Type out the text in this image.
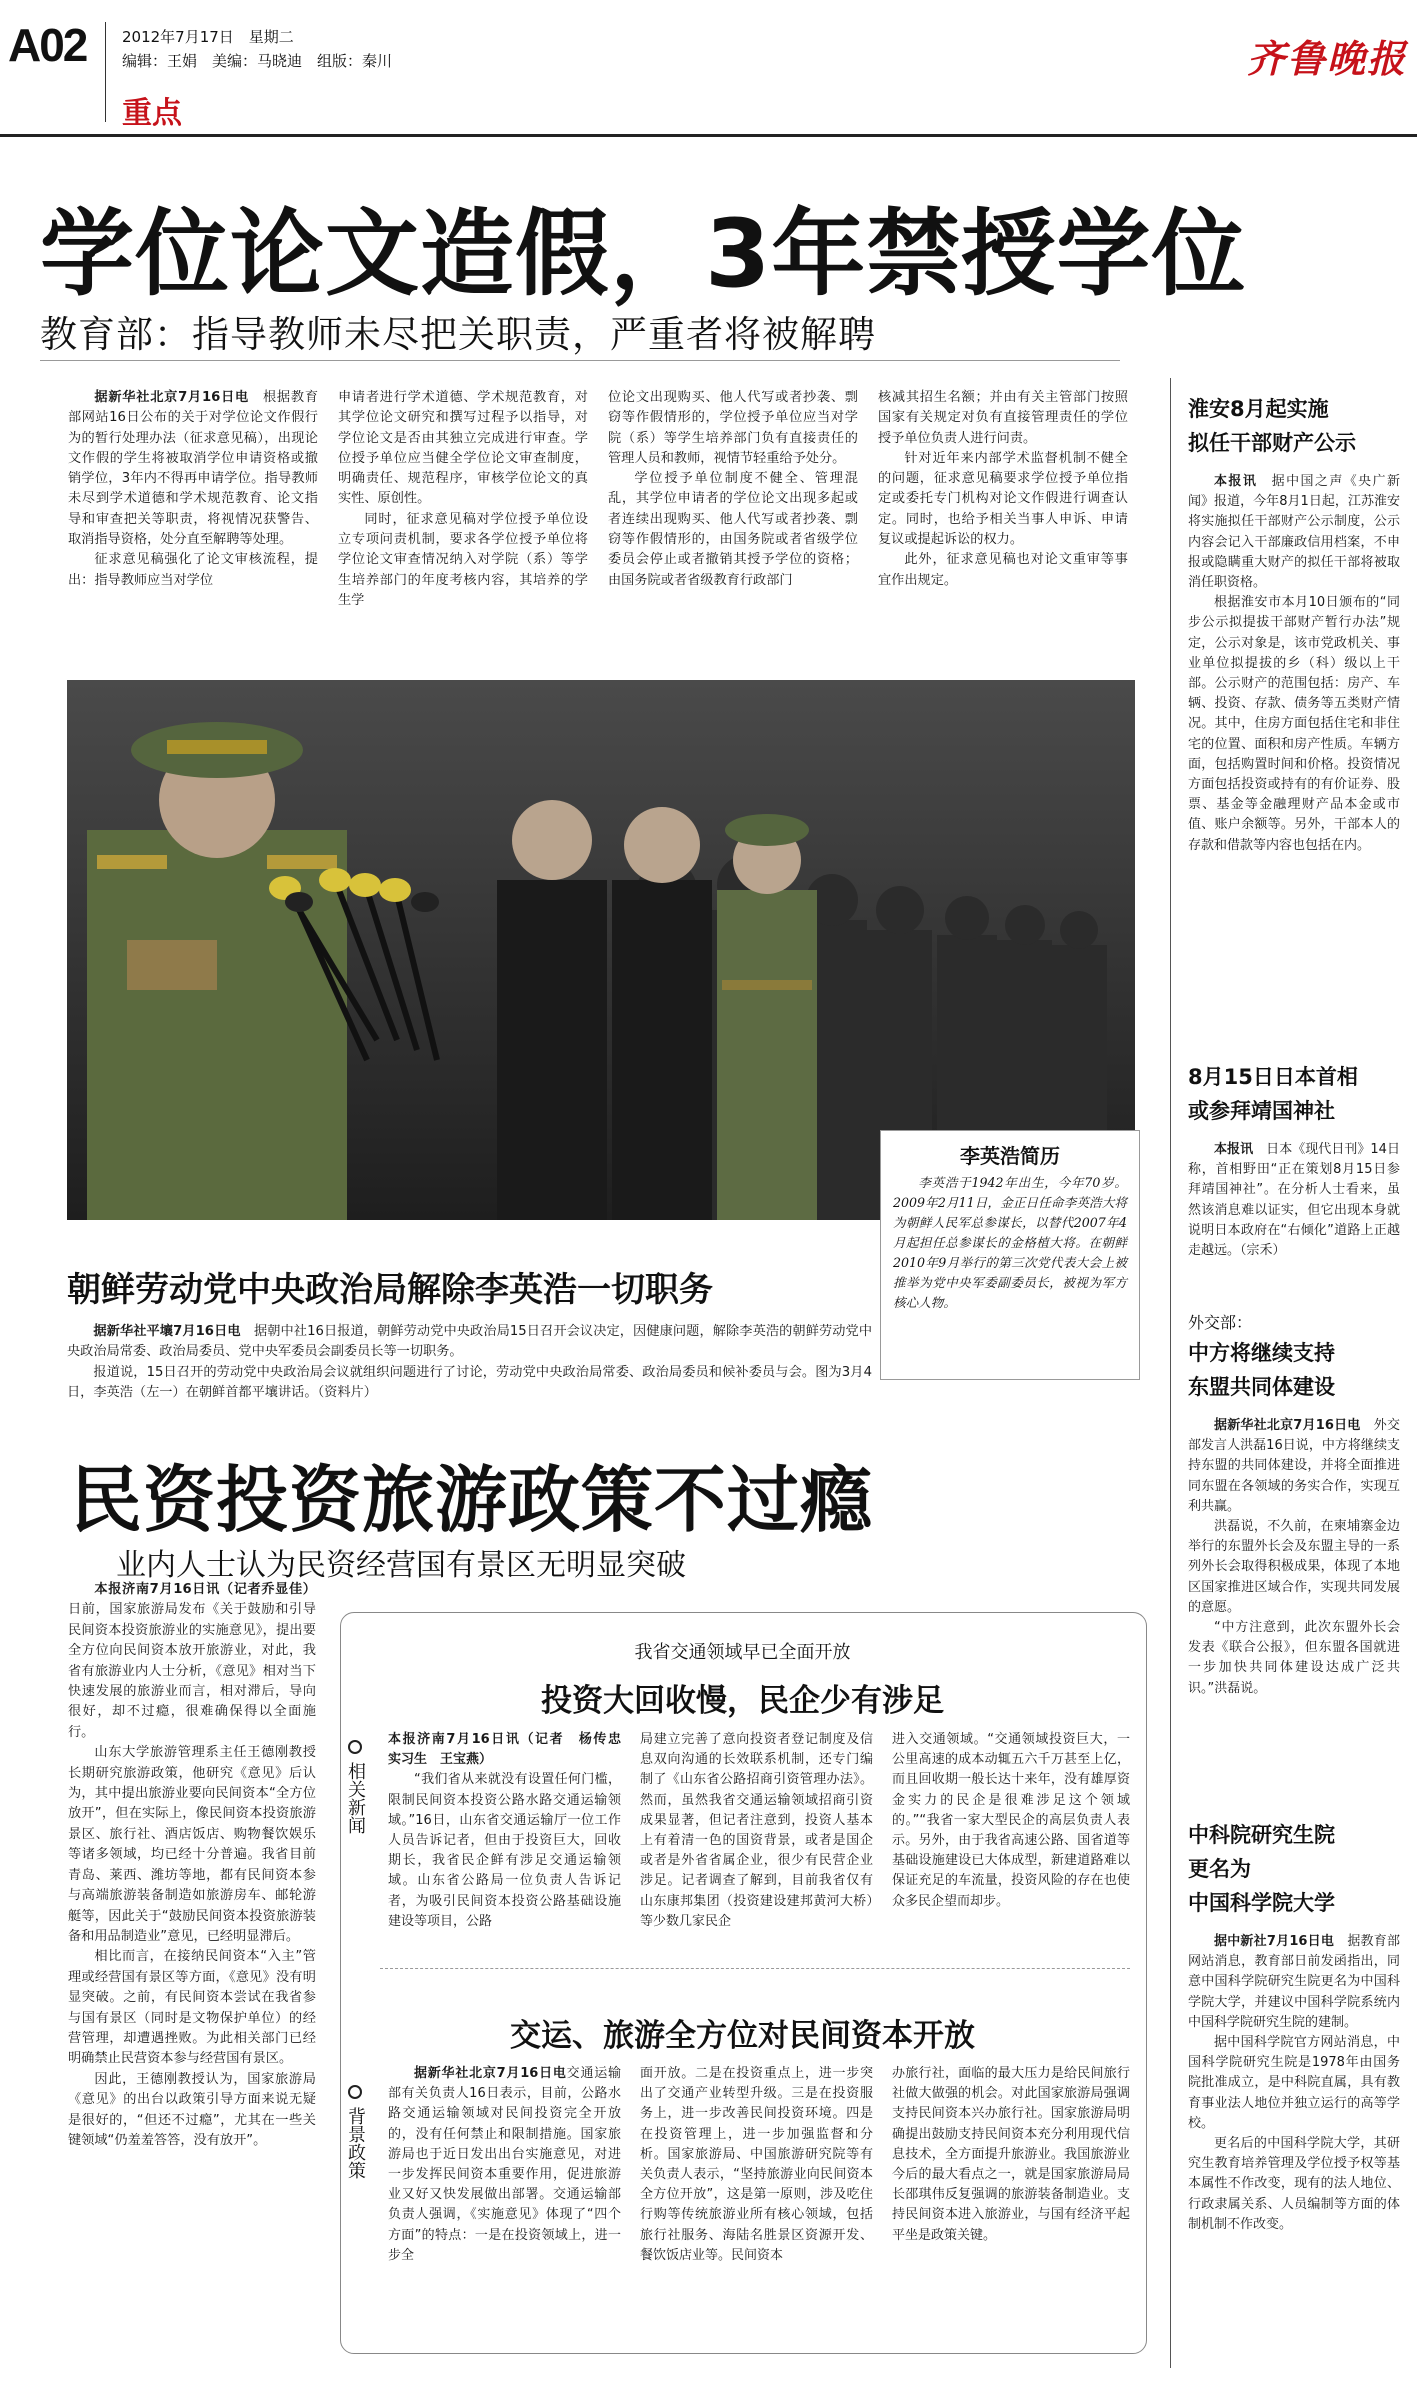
A02 2012年7月17日　星期二
编辑：王娟　美编：马晓迪　组版：秦川
重点
齐鲁晚报
学位论文造假，3年禁授学位
教育部：指导教师未尽把关职责，严重者将被解聘

据新华社北京7月16日电　 根据教育部网站16日公布的关于对学位论文作假行为的暂行处理办法（征求意见稿），出现论文作假的学生将被取消学位申请资格或撤销学位，3年内不得再申请学位。指导教师未尽到学术道德和学术规范教育、论文指导和审查把关等职责，将视情况获警告、取消指导资格，处分直至解聘等处理。

征求意见稿强化了论文审核流程，提出：指导教师应当对学位

申请者进行学术道德、学术规范教育，对其学位论文研究和撰写过程予以指导，对学位论文是否由其独立完成进行审查。学位授予单位应当健全学位论文审查制度，明确责任、规范程序，审核学位论文的真实性、原创性。

同时，征求意见稿对学位授予单位设立专项问责机制，要求各学位授予单位将学位论文审查情况纳入对学院（系）等学生培养部门的年度考核内容，其培养的学生学

位论文出现购买、他人代写或者抄袭、剽窃等作假情形的，学位授予单位应当对学院（系）等学生培养部门负有直接责任的管理人员和教师，视情节轻重给予处分。

学位授予单位制度不健全、管理混乱，其学位申请者的学位论文出现多起或者连续出现购买、他人代写或者抄袭、剽窃等作假情形的，由国务院或者省级学位委员会停止或者撤销其授予学位的资格；由国务院或者省级教育行政部门

核减其招生名额；并由有关主管部门按照国家有关规定对负有直接管理责任的学位授予单位负责人进行问责。

针对近年来内部学术监督机制不健全的问题，征求意见稿要求学位授予单位指定或委托专门机构对论文作假进行调查认定。同时，也给予相关当事人申诉、申请复议或提起诉讼的权力。

此外，征求意见稿也对论文重审等事宜作出规定。

淮安8月起实施
拟任干部财产公示

本报讯　 据中国之声《央广新闻》报道，今年8月1日起，江苏淮安将实施拟任干部财产公示制度，公示内容会记入干部廉政信用档案，不申报或隐瞒重大财产的拟任干部将被取消任职资格。

根据淮安市本月10日颁布的“同步公示拟提拔干部财产暂行办法”规定，公示对象是，该市党政机关、事业单位拟提拔的乡（科）级以上干部。公示财产的范围包括：房产、车辆、投资、存款、债务等五类财产情况。其中，住房方面包括住宅和非住宅的位置、面积和房产性质。车辆方面，包括购置时间和价格。投资情况方面包括投资或持有的有价证券、股票、基金等金融理财产品本金或市值、账户余额等。另外，干部本人的存款和借款等内容也包括在内。

8月15日日本首相
或参拜靖国神社

本报讯　 日本《现代日刊》14日称，首相野田“正在策划8月15日参拜靖国神社”。在分析人士看来，虽然该消息难以证实，但它出现本身就说明日本政府在“右倾化”道路上正越走越远。（宗禾）

外交部：
中方将继续支持
东盟共同体建设

据新华社北京7月16日电　 外交部发言人洪磊16日说，中方将继续支持东盟的共同体建设，并将全面推进同东盟在各领域的务实合作，实现互利共赢。

洪磊说，不久前，在柬埔寨金边举行的东盟外长会及东盟主导的一系列外长会取得积极成果，体现了本地区国家推进区域合作，实现共同发展的意愿。

“中方注意到，此次东盟外长会发表《联合公报》，但东盟各国就进一步加快共同体建设达成广泛共识。”洪磊说。

中科院研究生院
更名为
中国科学院大学

据中新社7月16日电　 据教育部网站消息，教育部日前发函指出，同意中国科学院研究生院更名为中国科学院大学，并建议中国科学院系统内中国科学院研究生院的建制。

据中国科学院官方网站消息，中国科学院研究生院是1978年由国务院批准成立，是中科院直属，具有教育事业法人地位并独立运行的高等学校。

更名后的中国科学院大学，其研究生教育培养管理及学位授予权等基本属性不作改变，现有的法人地位、行政隶属关系、人员编制等方面的体制机制不作改变。

李英浩简历
李英浩于1942年出生，今年70岁。2009年2月11日，金正日任命李英浩大将为朝鲜人民军总参谋长，以替代2007年4月起担任总参谋长的金格植大将。在朝鲜2010年9月举行的第三次党代表大会上被推举为党中央军委副委员长，被视为军方核心人物。
朝鲜劳动党中央政治局解除李英浩一切职务

据新华社平壤7月16日电　 据朝中社16日报道，朝鲜劳动党中央政治局15日召开会议决定，因健康问题，解除李英浩的朝鲜劳动党中央政治局常委、政治局委员、党中央军委员会副委员长等一切职务。

报道说，15日召开的劳动党中央政治局会议就组织问题进行了讨论，劳动党中央政治局常委、政治局委员和候补委员与会。图为3月4日，李英浩（左一）在朝鲜首都平壤讲话。（资料片）

民资投资旅游政策不过瘾
业内人士认为民资经营国有景区无明显突破

本报济南7月16日讯（记者乔显佳）日前，国家旅游局发布《关于鼓励和引导民间资本投资旅游业的实施意见》，提出要全方位向民间资本放开旅游业，对此，我省有旅游业内人士分析，《意见》相对当下快速发展的旅游业而言，相对滞后，导向很好，却不过瘾，很难确保得以全面施行。

山东大学旅游管理系主任王德刚教授长期研究旅游政策，他研究《意见》后认为，其中提出旅游业要向民间资本“全方位放开”，但在实际上，像民间资本投资旅游景区、旅行社、酒店饭店、购物餐饮娱乐等诸多领域，均已经十分普遍。我省目前青岛、莱西、潍坊等地，都有民间资本参与高端旅游装备制造如旅游房车、邮轮游艇等，因此关于“鼓励民间资本投资旅游装备和用品制造业”意见，已经明显滞后。

相比而言，在接纳民间资本“入主”管理或经营国有景区等方面，《意见》没有明显突破。之前，有民间资本尝试在我省参与国有景区（同时是文物保护单位）的经营管理，却遭遇挫败。为此相关部门已经明确禁止民营资本参与经营国有景区。

因此，王德刚教授认为，国家旅游局《意见》的出台以政策引导方面来说无疑是很好的，“但还不过瘾”，尤其在一些关键领域“仍羞羞答答，没有放开”。

相关新闻
我省交通领域早已全面开放
投资大回收慢，民企少有涉足

本报济南7月16日讯（记者　杨传忠　实习生　王宝燕）

“我们省从来就没有设置任何门槛，限制民间资本投资公路水路交通运输领域。”16日，山东省交通运输厅一位工作人员告诉记者，但由于投资巨大，回收期长，我省民企鲜有涉足交通运输领域。山东省公路局一位负责人告诉记者，为吸引民间资本投资公路基础设施建设等项目，公路

局建立完善了意向投资者登记制度及信息双向沟通的长效联系机制，还专门编制了《山东省公路招商引资管理办法》。然而，虽然我省交通运输领域招商引资成果显著，但记者注意到，投资人基本上有着清一色的国资背景，或者是国企或者是外省省属企业，很少有民营企业涉足。记者调查了解到，目前我省仅有山东康邦集团（投资建设建邦黄河大桥）等少数几家民企

进入交通领域。“交通领域投资巨大，一公里高速的成本动辄五六千万甚至上亿，而且回收期一般长达十来年，没有雄厚资金实力的民企是很难涉足这个领域的。”“我省一家大型民企的高层负责人表示。另外，由于我省高速公路、国省道等基础设施建设已大体成型，新建道路难以保证充足的车流量，投资风险的存在也使众多民企望而却步。

背景政策
交运、旅游全方位对民间资本开放

据新华社北京7月16日电交通运输部有关负责人16日表示，目前，公路水路交通运输领域对民间投资完全开放的，没有任何禁止和限制措施。国家旅游局也于近日发出出台实施意见，对进一步发挥民间资本重要作用，促进旅游业又好又快发展做出部署。交通运输部负责人强调，《实施意见》体现了“四个方面”的特点：一是在投资领域上，进一步全

面开放。二是在投资重点上，进一步突出了交通产业转型升级。三是在投资服务上，进一步改善民间投资环境。四是在投资管理上，进一步加强监督和分析。国家旅游局、中国旅游研究院等有关负责人表示，“坚持旅游业向民间资本全方位开放”，这是第一原则，涉及吃住行购等传统旅游业所有核心领域，包括旅行社服务、海陆名胜景区资源开发、餐饮饭店业等。民间资本

办旅行社，面临的最大压力是给民间旅行社做大做强的机会。对此国家旅游局强调支持民间资本兴办旅行社。国家旅游局明确提出鼓励支持民间资本充分利用现代信息技术，全方面提升旅游业。我国旅游业今后的最大看点之一，就是国家旅游局局长邵琪伟反复强调的旅游装备制造业。支持民间资本进入旅游业，与国有经济平起平坐是政策关键。
